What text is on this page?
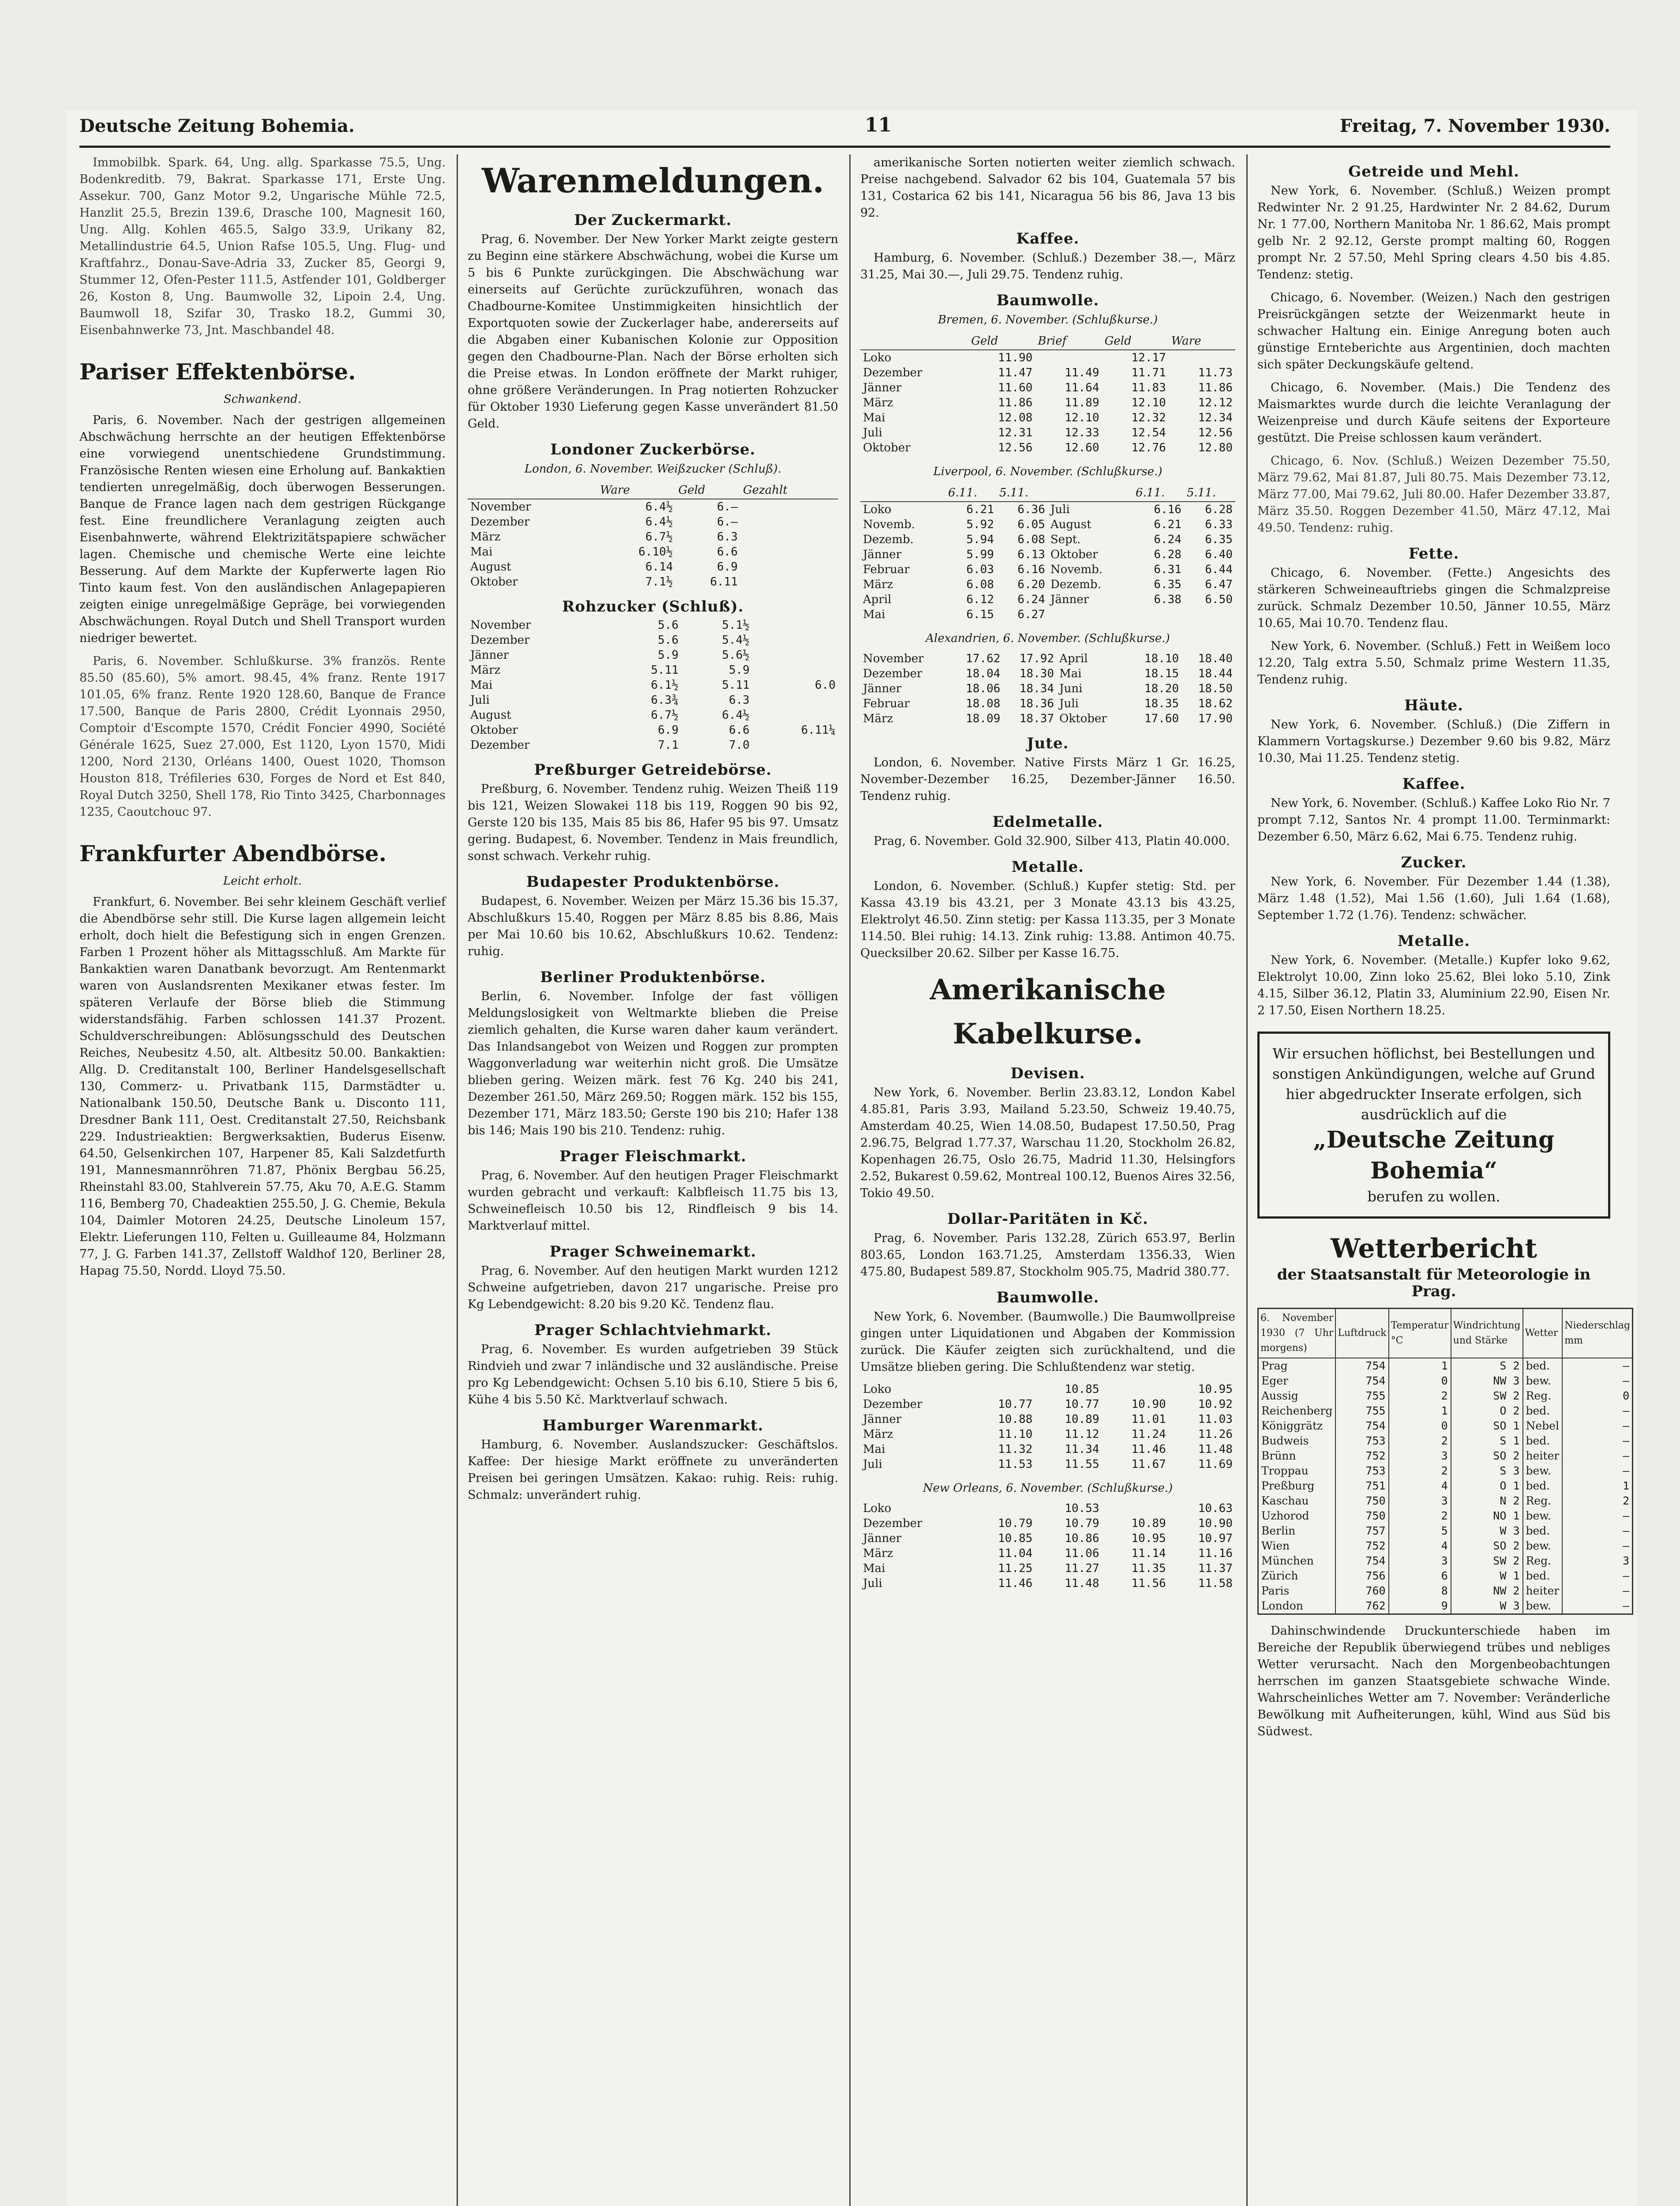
Deutsche Zeitung Bohemia.	11	Freitag, 7. November 1930.

Immobilbk. Spark. 64, Ung. allg. Sparkasse 75.5, Ung. Bodenkreditb. 79, Bakrat. Sparkasse 171, Erste Ung. Assekur. 700, Ganz Motor 9.2, Ungarische Mühle 72.5, Hanzlit 25.5, Brezin 139.6, Drasche 100, Magnesit 160, Ung. Allg. Kohlen 465.5, Salgo 33.9, Urikany 82, Metallindustrie 64.5, Union Rafse 105.5, Ung. Flug- und Kraftfahrz., Donau-Save-Adria 33, Zucker 85, Georgi 9, Stummer 12, Ofen-Pester 111.5, Astfender 101, Goldberger 26, Koston 8, Ung. Baumwolle 32, Lipoin 2.4, Ung. Baumwoll 18, Szifar 30, Trasko 18.2, Gummi 30, Eisenbahnwerke 73, Jnt. Maschbandel 48.

Pariser Effektenbörse.
Schwankend.

Paris, 6. November. Nach der gestrigen allgemeinen Abschwächung herrschte an der heutigen Effektenbörse eine vorwiegend unentschiedene Grundstimmung. Französische Renten wiesen eine Erholung auf. Bankaktien tendierten unregelmäßig, doch überwogen Besserungen. Banque de France lagen nach dem gestrigen Rückgange fest. Eine freundlichere Veranlagung zeigten auch Eisenbahnwerte, während Elektrizitätspapiere schwächer lagen. Chemische und chemische Werte eine leichte Besserung. Auf dem Markte der Kupferwerte lagen Rio Tinto kaum fest. Von den ausländischen Anlagepapieren zeigten einige unregelmäßige Gepräge, bei vorwiegenden Abschwächungen. Royal Dutch und Shell Transport wurden niedriger bewertet.

Paris, 6. November. Schlußkurse. 3% französ. Rente 85.50 (85.60), 5% amort. 98.45, 4% franz. Rente 1917 101.05, 6% franz. Rente 1920 128.60, Banque de France 17.500, Banque de Paris 2800, Crédit Lyonnais 2950, Comptoir d'Escompte 1570, Crédit Foncier 4990, Société Générale 1625, Suez 27.000, Est 1120, Lyon 1570, Midi 1200, Nord 2130, Orléans 1400, Ouest 1020, Thomson Houston 818, Tréfileries 630, Forges de Nord et Est 840, Royal Dutch 3250, Shell 178, Rio Tinto 3425, Charbonnages 1235, Caoutchouc 97.

Frankfurter Abendbörse.
Leicht erholt.

Frankfurt, 6. November. Bei sehr kleinem Geschäft verlief die Abendbörse sehr still. Die Kurse lagen allgemein leicht erholt, doch hielt die Befestigung sich in engen Grenzen. Farben 1 Prozent höher als Mittagsschluß. Am Markte für Bankaktien waren Danatbank bevorzugt. Am Rentenmarkt waren von Auslandsrenten Mexikaner etwas fester. Im späteren Verlaufe der Börse blieb die Stimmung widerstandsfähig. Farben schlossen 141.37 Prozent. Schuldverschreibungen: Ablösungsschuld des Deutschen Reiches, Neubesitz 4.50, alt. Altbesitz 50.00. Bankaktien: Allg. D. Creditanstalt 100, Berliner Handelsgesellschaft 130, Commerz- u. Privatbank 115, Darmstädter u. Nationalbank 150.50, Deutsche Bank u. Disconto 111, Dresdner Bank 111, Oest. Creditanstalt 27.50, Reichsbank 229. Industrieaktien: Bergwerksaktien, Buderus Eisenw. 64.50, Gelsenkirchen 107, Harpener 85, Kali Salzdetfurth 191, Mannesmannröhren 71.87, Phönix Bergbau 56.25, Rheinstahl 83.00, Stahlverein 57.75, Aku 70, A.E.G. Stamm 116, Bemberg 70, Chadeaktien 255.50, J. G. Chemie, Bekula 104, Daimler Motoren 24.25, Deutsche Linoleum 157, Elektr. Lieferungen 110, Felten u. Guilleaume 84, Holzmann 77, J. G. Farben 141.37, Zellstoff Waldhof 120, Berliner 28, Hapag 75.50, Nordd. Lloyd 75.50.

Warenmeldungen.
Der Zuckermarkt.

Prag, 6. November. Der New Yorker Markt zeigte gestern zu Beginn eine stärkere Abschwächung, wobei die Kurse um 5 bis 6 Punkte zurückgingen. Die Abschwächung war einerseits auf Gerüchte zurückzuführen, wonach das Chadbourne-Komitee Unstimmigkeiten hinsichtlich der Exportquoten sowie der Zuckerlager habe, andererseits auf die Abgaben einer Kubanischen Kolonie zur Opposition gegen den Chadbourne-Plan. Nach der Börse erholten sich die Preise etwas. In London eröffnete der Markt ruhiger, ohne größere Veränderungen. In Prag notierten Rohzucker für Oktober 1930 Lieferung gegen Kasse unverändert 81.50 Geld.

Londoner Zuckerbörse.
London, 6. November. Weißzucker (Schluß).
	Ware	Geld	Gezahlt
November	6.4½	6.—	
Dezember	6.4½	6.—	
März	6.7½	6.3	
Mai	6.10½	6.6	
August	6.14	6.9	
Oktober	7.1½	6.11	
Rohzucker (Schluß).
November	5.6	5.1½	
Dezember	5.6	5.4½	
Jänner	5.9	5.6½	
März	5.11	5.9	
Mai	6.1½	5.11	6.0
Juli	6.3¾	6.3	
August	6.7½	6.4½	
Oktober	6.9	6.6	6.11¼
Dezember	7.1	7.0	
Preßburger Getreidebörse.

Preßburg, 6. November. Tendenz ruhig. Weizen Theiß 119 bis 121, Weizen Slowakei 118 bis 119, Roggen 90 bis 92, Gerste 120 bis 135, Mais 85 bis 86, Hafer 95 bis 97. Umsatz gering. Budapest, 6. November. Tendenz in Mais freundlich, sonst schwach. Verkehr ruhig.

Budapester Produktenbörse.

Budapest, 6. November. Weizen per März 15.36 bis 15.37, Abschlußkurs 15.40, Roggen per März 8.85 bis 8.86, Mais per Mai 10.60 bis 10.62, Abschlußkurs 10.62. Tendenz: ruhig.

Berliner Produktenbörse.

Berlin, 6. November. Infolge der fast völligen Meldungslosigkeit von Weltmarkte blieben die Preise ziemlich gehalten, die Kurse waren daher kaum verändert. Das Inlandsangebot von Weizen und Roggen zur prompten Waggonverladung war weiterhin nicht groß. Die Umsätze blieben gering. Weizen märk. fest 76 Kg. 240 bis 241, Dezember 261.50, März 269.50; Roggen märk. 152 bis 155, Dezember 171, März 183.50; Gerste 190 bis 210; Hafer 138 bis 146; Mais 190 bis 210. Tendenz: ruhig.

Prager Fleischmarkt.

Prag, 6. November. Auf den heutigen Prager Fleischmarkt wurden gebracht und verkauft: Kalbfleisch 11.75 bis 13, Schweinefleisch 10.50 bis 12, Rindfleisch 9 bis 14. Marktverlauf mittel.

Prager Schweinemarkt.

Prag, 6. November. Auf den heutigen Markt wurden 1212 Schweine aufgetrieben, davon 217 ungarische. Preise pro Kg Lebendgewicht: 8.20 bis 9.20 Kč. Tendenz flau.

Prager Schlachtviehmarkt.

Prag, 6. November. Es wurden aufgetrieben 39 Stück Rindvieh und zwar 7 inländische und 32 ausländische. Preise pro Kg Lebendgewicht: Ochsen 5.10 bis 6.10, Stiere 5 bis 6, Kühe 4 bis 5.50 Kč. Marktverlauf schwach.

Hamburger Warenmarkt.

Hamburg, 6. November. Auslandszucker: Geschäftslos. Kaffee: Der hiesige Markt eröffnete zu unveränderten Preisen bei geringen Umsätzen. Kakao: ruhig. Reis: ruhig. Schmalz: unverändert ruhig.

amerikanische Sorten notierten weiter ziemlich schwach. Preise nachgebend. Salvador 62 bis 104, Guatemala 57 bis 131, Costarica 62 bis 141, Nicaragua 56 bis 86, Java 13 bis 92.

Kaffee.

Hamburg, 6. November. (Schluß.) Dezember 38.—, März 31.25, Mai 30.—, Juli 29.75. Tendenz ruhig.

Baumwolle.
Bremen, 6. November. (Schlußkurse.)
	Geld	Brief	Geld	Ware
Loko	11.90		12.17	
Dezember	11.47	11.49	11.71	11.73
Jänner	11.60	11.64	11.83	11.86
März	11.86	11.89	12.10	12.12
Mai	12.08	12.10	12.32	12.34
Juli	12.31	12.33	12.54	12.56
Oktober	12.56	12.60	12.76	12.80
Liverpool, 6. November. (Schlußkurse.)
	6.11.	5.11.		6.11.	5.11.
Loko	6.21	6.36	Juli	6.16	6.28
Novemb.	5.92	6.05	August	6.21	6.33
Dezemb.	5.94	6.08	Sept.	6.24	6.35
Jänner	5.99	6.13	Oktober	6.28	6.40
Februar	6.03	6.16	Novemb.	6.31	6.44
März	6.08	6.20	Dezemb.	6.35	6.47
April	6.12	6.24	Jänner	6.38	6.50
Mai	6.15	6.27			
Alexandrien, 6. November. (Schlußkurse.)
November	17.62	17.92	April	18.10	18.40
Dezember	18.04	18.30	Mai	18.15	18.44
Jänner	18.06	18.34	Juni	18.20	18.50
Februar	18.08	18.36	Juli	18.35	18.62
März	18.09	18.37	Oktober	17.60	17.90
Jute.

London, 6. November. Native Firsts März 1 Gr. 16.25, November-Dezember 16.25, Dezember-Jänner 16.50. Tendenz ruhig.

Edelmetalle.

Prag, 6. November. Gold 32.900, Silber 413, Platin 40.000.

Metalle.

London, 6. November. (Schluß.) Kupfer stetig: Std. per Kassa 43.19 bis 43.21, per 3 Monate 43.13 bis 43.25, Elektrolyt 46.50. Zinn stetig: per Kassa 113.35, per 3 Monate 114.50. Blei ruhig: 14.13. Zink ruhig: 13.88. Antimon 40.75. Quecksilber 20.62. Silber per Kasse 16.75.

Amerikanische Kabelkurse.
Devisen.

New York, 6. November. Berlin 23.83.12, London Kabel 4.85.81, Paris 3.93, Mailand 5.23.50, Schweiz 19.40.75, Amsterdam 40.25, Wien 14.08.50, Budapest 17.50.50, Prag 2.96.75, Belgrad 1.77.37, Warschau 11.20, Stockholm 26.82, Kopenhagen 26.75, Oslo 26.75, Madrid 11.30, Helsingfors 2.52, Bukarest 0.59.62, Montreal 100.12, Buenos Aires 32.56, Tokio 49.50.

Dollar-Paritäten in Kč.

Prag, 6. November. Paris 132.28, Zürich 653.97, Berlin 803.65, London 163.71.25, Amsterdam 1356.33, Wien 475.80, Budapest 589.87, Stockholm 905.75, Madrid 380.77.

Baumwolle.

New York, 6. November. (Baumwolle.) Die Baumwollpreise gingen unter Liquidationen und Abgaben der Kommission zurück. Die Käufer zeigten sich zurückhaltend, und die Umsätze blieben gering. Die Schlußtendenz war stetig.

Loko		10.85		10.95
Dezember	10.77	10.77	10.90	10.92
Jänner	10.88	10.89	11.01	11.03
März	11.10	11.12	11.24	11.26
Mai	11.32	11.34	11.46	11.48
Juli	11.53	11.55	11.67	11.69
New Orleans, 6. November. (Schlußkurse.)
Loko		10.53		10.63
Dezember	10.79	10.79	10.89	10.90
Jänner	10.85	10.86	10.95	10.97
März	11.04	11.06	11.14	11.16
Mai	11.25	11.27	11.35	11.37
Juli	11.46	11.48	11.56	11.58
Getreide und Mehl.

New York, 6. November. (Schluß.) Weizen prompt Redwinter Nr. 2 91.25, Hardwinter Nr. 2 84.62, Durum Nr. 1 77.00, Northern Manitoba Nr. 1 86.62, Mais prompt gelb Nr. 2 92.12, Gerste prompt malting 60, Roggen prompt Nr. 2 57.50, Mehl Spring clears 4.50 bis 4.85. Tendenz: stetig.

Chicago, 6. November. (Weizen.) Nach den gestrigen Preisrückgängen setzte der Weizenmarkt heute in schwacher Haltung ein. Einige Anregung boten auch günstige Ernteberichte aus Argentinien, doch machten sich später Deckungskäufe geltend.

Chicago, 6. November. (Mais.) Die Tendenz des Maismarktes wurde durch die leichte Veranlagung der Weizenpreise und durch Käufe seitens der Exporteure gestützt. Die Preise schlossen kaum verändert.

Chicago, 6. Nov. (Schluß.) Weizen Dezember 75.50, März 79.62, Mai 81.87, Juli 80.75. Mais Dezember 73.12, März 77.00, Mai 79.62, Juli 80.00. Hafer Dezember 33.87, März 35.50. Roggen Dezember 41.50, März 47.12, Mai 49.50. Tendenz: ruhig.

Fette.

Chicago, 6. November. (Fette.) Angesichts des stärkeren Schweineauftriebs gingen die Schmalzpreise zurück. Schmalz Dezember 10.50, Jänner 10.55, März 10.65, Mai 10.70. Tendenz flau.

New York, 6. November. (Schluß.) Fett in Weißem loco 12.20, Talg extra 5.50, Schmalz prime Western 11.35, Tendenz ruhig.

Häute.

New York, 6. November. (Schluß.) (Die Ziffern in Klammern Vortagskurse.) Dezember 9.60 bis 9.82, März 10.30, Mai 11.25. Tendenz stetig.

Kaffee.

New York, 6. November. (Schluß.) Kaffee Loko Rio Nr. 7 prompt 7.12, Santos Nr. 4 prompt 11.00. Terminmarkt: Dezember 6.50, März 6.62, Mai 6.75. Tendenz ruhig.

Zucker.

New York, 6. November. Für Dezember 1.44 (1.38), März 1.48 (1.52), Mai 1.56 (1.60), Juli 1.64 (1.68), September 1.72 (1.76). Tendenz: schwächer.

Metalle.

New York, 6. November. (Metalle.) Kupfer loko 9.62, Elektrolyt 10.00, Zinn loko 25.62, Blei loko 5.10, Zink 4.15, Silber 36.12, Platin 33, Aluminium 22.90, Eisen Nr. 2 17.50, Eisen Northern 18.25.

Wir ersuchen höflichst, bei Bestellungen und sonstigen Ankündigungen, welche auf Grund hier abgedruckter Inserate erfolgen, sich ausdrücklich auf die
„Deutsche Zeitung Bohemia“
berufen zu wollen.
Wetterbericht
der Staatsanstalt für Meteorologie in Prag.
6. November 1930 (7 Uhr morgens)	Luftdruck	Temperatur °C	Windrichtung und Stärke	Wetter	Niederschlag mm
Prag	754	1	S 2	bed.	—
Eger	754	0	NW 3	bew.	—
Aussig	755	2	SW 2	Reg.	0
Reichenberg	755	1	O 2	bed.	—
Königgrätz	754	0	SO 1	Nebel	—
Budweis	753	2	S 1	bed.	—
Brünn	752	3	SO 2	heiter	—
Troppau	753	2	S 3	bew.	—
Preßburg	751	4	O 1	bed.	1
Kaschau	750	3	N 2	Reg.	2
Uzhorod	750	2	NO 1	bew.	—
Berlin	757	5	W 3	bed.	—
Wien	752	4	SO 2	bew.	—
München	754	3	SW 2	Reg.	3
Zürich	756	6	W 1	bed.	—
Paris	760	8	NW 2	heiter	—
London	762	9	W 3	bew.	—

Dahinschwindende Druckunterschiede haben im Bereiche der Republik überwiegend trübes und nebliges Wetter verursacht. Nach den Morgenbeobachtungen herrschen im ganzen Staatsgebiete schwache Winde. Wahrscheinliches Wetter am 7. November: Veränderliche Bewölkung mit Aufheiterungen, kühl, Wind aus Süd bis Südwest.
